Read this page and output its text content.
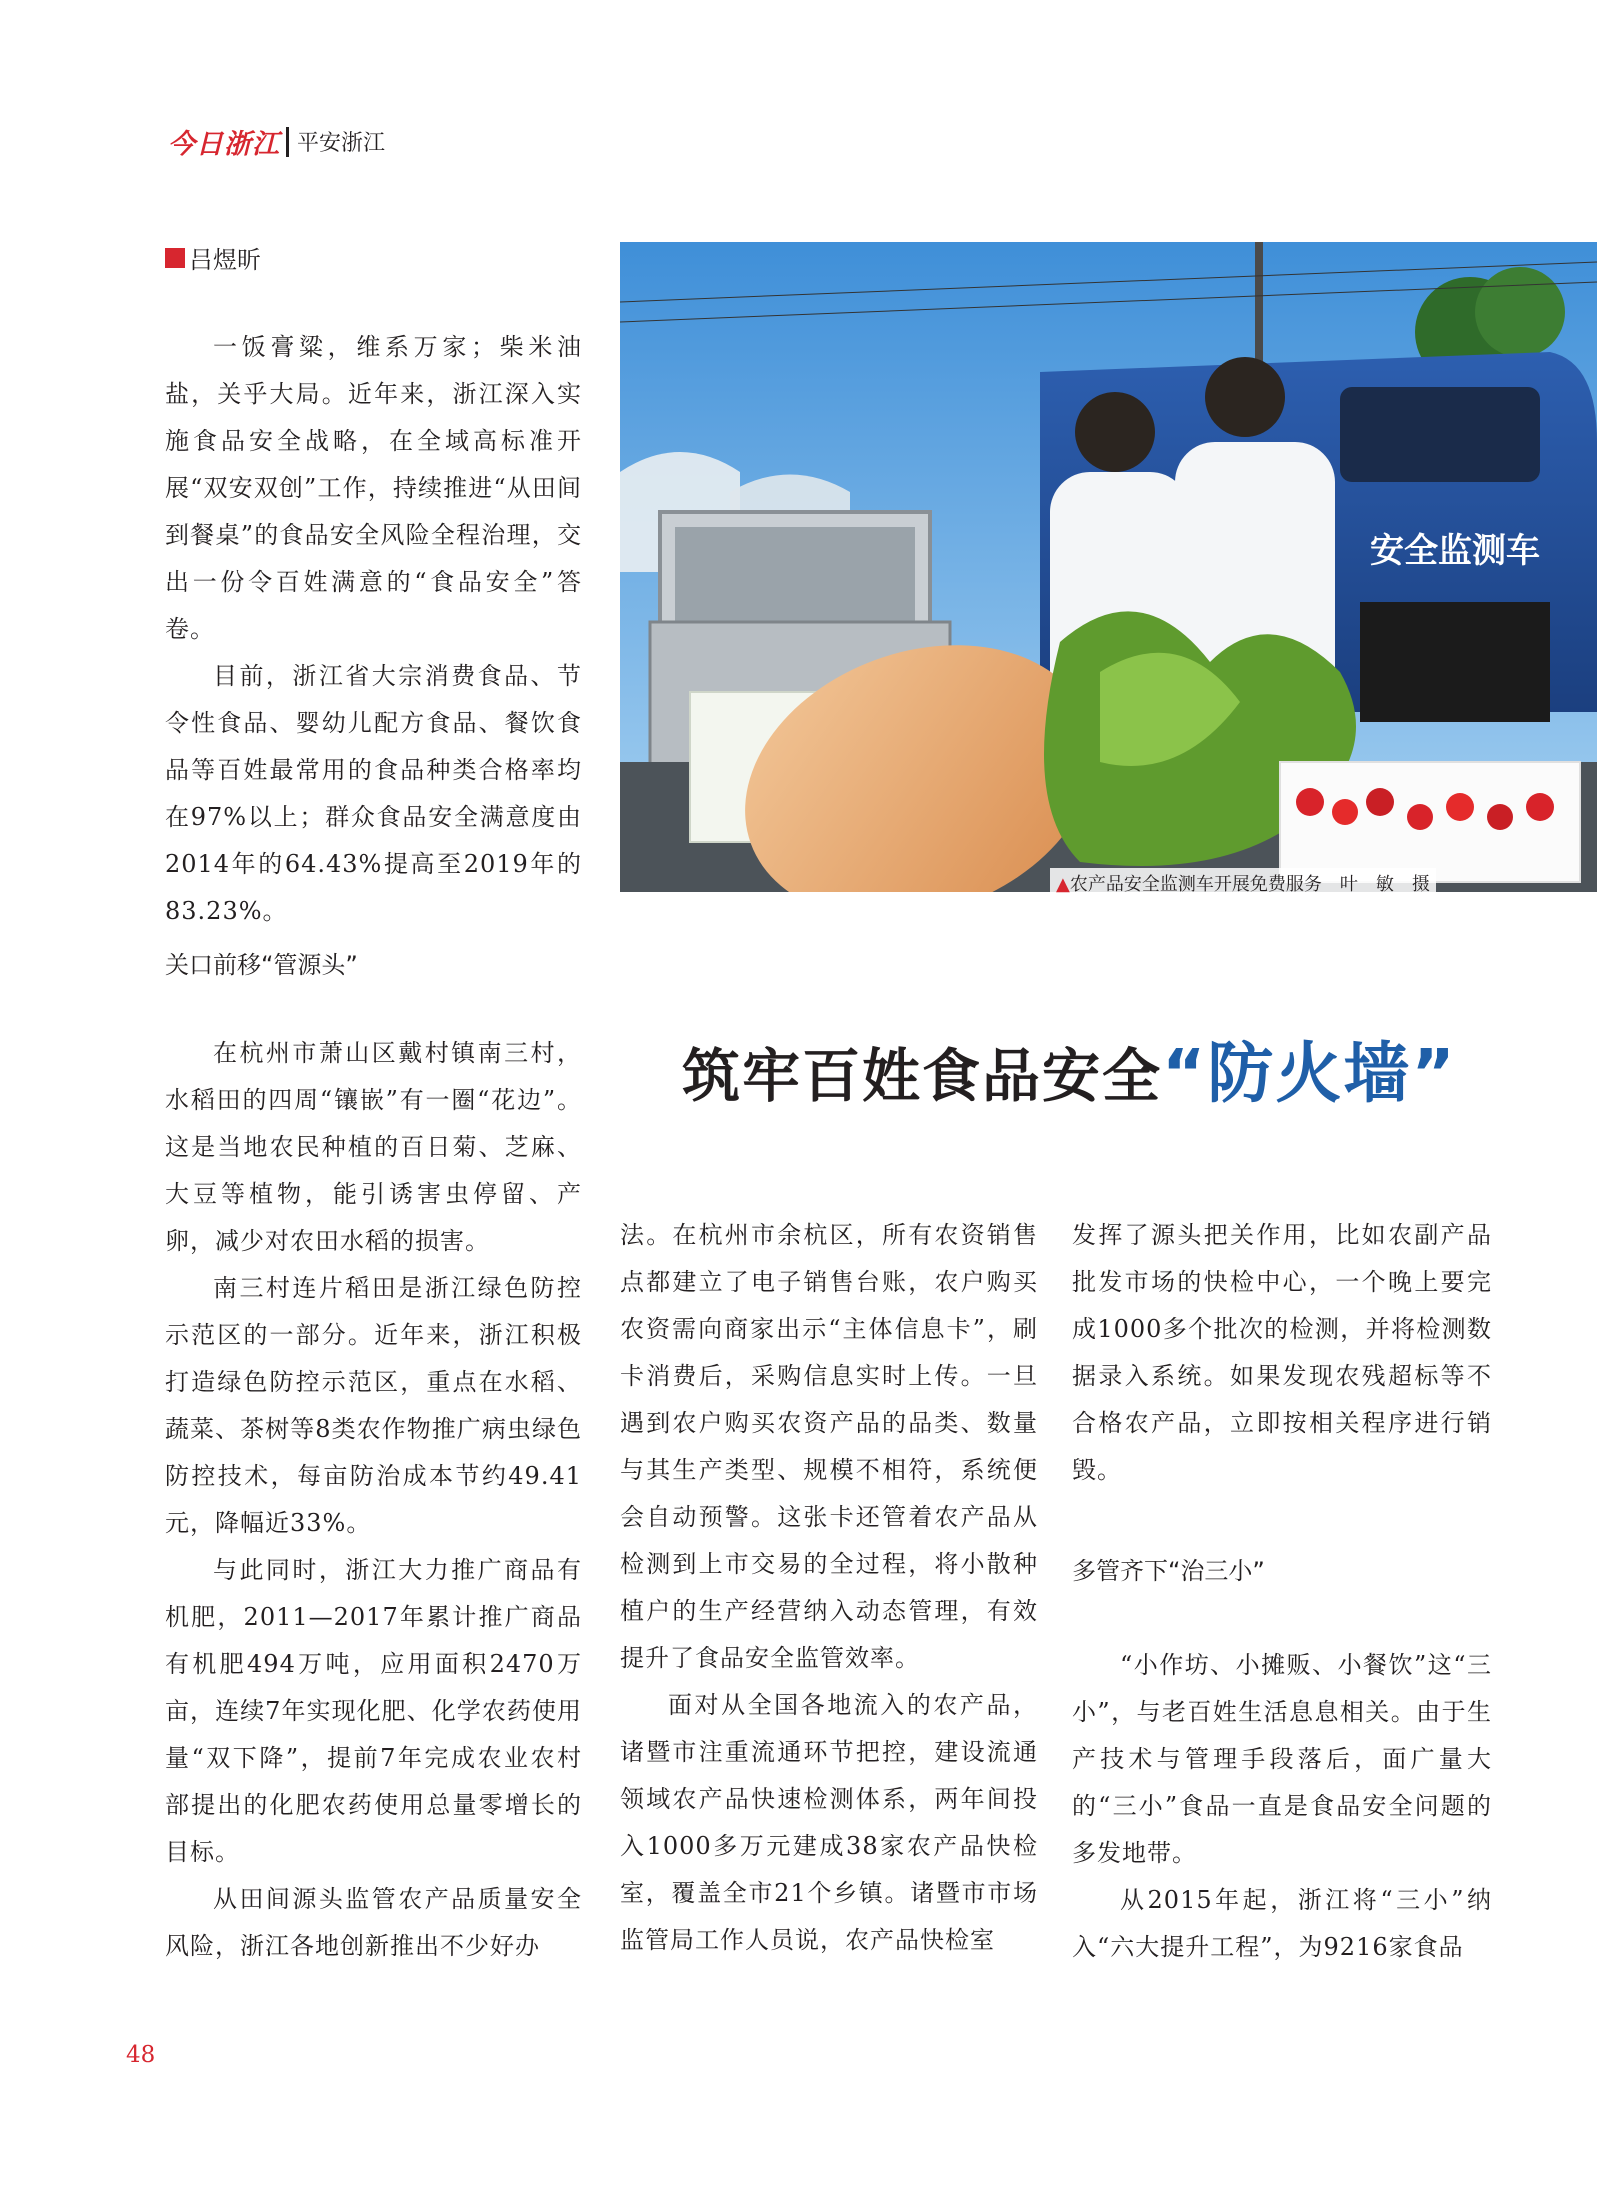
今日浙江 平安浙江
吕煜昕

一饭膏粱，维系万家；柴米油盐，关乎大局。近年来，浙江深入实施食品安全战略，在全域高标准开展“双安双创”工作，持续推进“从田间到餐桌”的食品安全风险全程治理，交出一份令百姓满意的“食品安全”答卷。

目前，浙江省大宗消费食品、节令性食品、婴幼儿配方食品、餐饮食品等百姓最常用的食品种类合格率均在97%以上；群众食品安全满意度由2014年的64.43%提高至2019年的83.23%。

关口前移“管源头”

在杭州市萧山区戴村镇南三村，水稻田的四周“镶嵌”有一圈“花边”。这是当地农民种植的百日菊、芝麻、大豆等植物，能引诱害虫停留、产卵，减少对农田水稻的损害。

南三村连片稻田是浙江绿色防控示范区的一部分。近年来，浙江积极打造绿色防控示范区，重点在水稻、蔬菜、茶树等8类农作物推广病虫绿色防控技术，每亩防治成本节约49.41元，降幅近33%。

与此同时，浙江大力推广商品有机肥，2011—2017年累计推广商品有机肥494万吨，应用面积2470万亩，连续7年实现化肥、化学农药使用量“双下降”，提前7年完成农业农村部提出的化肥农药使用总量零增长的目标。

从田间源头监管农产品质量安全风险，浙江各地创新推出不少好办

安全监测车
▲农产品安全监测车开展免费服务　叶　敏　摄
筑牢百姓食品安全“防火墙”

法。在杭州市余杭区，所有农资销售点都建立了电子销售台账，农户购买农资需向商家出示“主体信息卡”，刷卡消费后，采购信息实时上传。一旦遇到农户购买农资产品的品类、数量与其生产类型、规模不相符，系统便会自动预警。这张卡还管着农产品从检测到上市交易的全过程，将小散种植户的生产经营纳入动态管理，有效提升了食品安全监管效率。

面对从全国各地流入的农产品，诸暨市注重流通环节把控，建设流通领域农产品快速检测体系，两年间投入1000多万元建成38家农产品快检室，覆盖全市21个乡镇。诸暨市市场监管局工作人员说，农产品快检室

发挥了源头把关作用，比如农副产品批发市场的快检中心，一个晚上要完成1000多个批次的检测，并将检测数据录入系统。如果发现农残超标等不合格农产品，立即按相关程序进行销毁。

多管齐下“治三小”

“小作坊、小摊贩、小餐饮”这“三小”，与老百姓生活息息相关。由于生产技术与管理手段落后，面广量大的“三小”食品一直是食品安全问题的多发地带。

从2015年起，浙江将“三小”纳入“六大提升工程”，为9216家食品

48
